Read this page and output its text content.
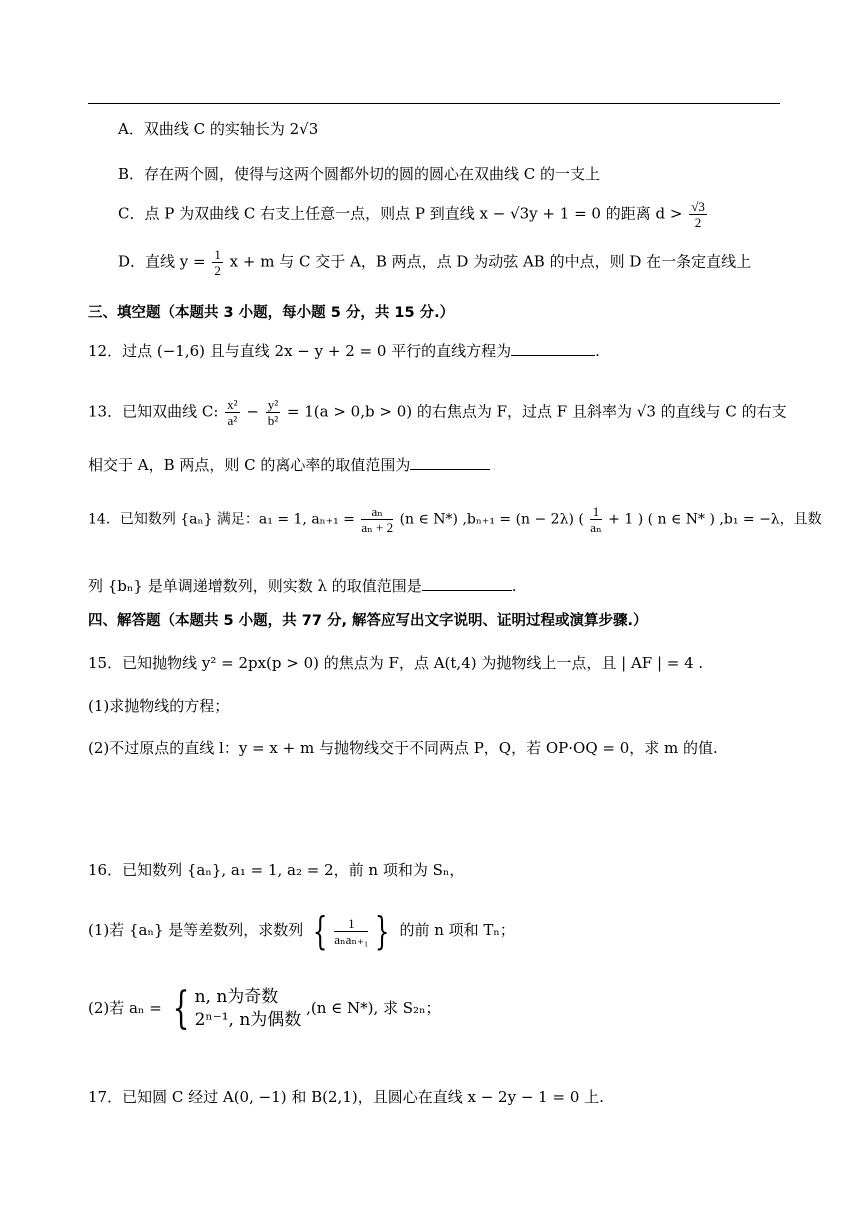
A．双曲线 C 的实轴长为 2√3
B．存在两个圆，使得与这两个圆都外切的圆的圆心在双曲线 C 的一支上
C．点 P 为双曲线 C 右支上任意一点，则点 P 到直线 x − √3y + 1 = 0 的距离 $d > \frac{√3}{2}$
D．直线 $y = \frac{1}{2}$ x + m 与 C 交于 A，B 两点，点 D 为动弦 AB 的中点，则 D 在一条定直线上
三、填空题（本题共 3 小题，每小题 5 分，共 15 分.）
12．过点 (−1,6) 且与直线 2x − y + 2 = 0 平行的直线方程为	.
13．已知双曲线 C: $\frac{\text{x²}}{\text{a²}} - \frac{\text{y²}}{\text{b²}} = 1(a > 0,b > 0)$ 的右焦点为 F，过点 F 且斜率为 √3 的直线与 C 的右支
相交于 A，B 两点，则 C 的离心率的取值范围为
14．已知数列 {aₙ} 满足：a₁ = 1, $a_{n+1} = \frac{\text{aₙ}}{\text{aₙ + 2}} (n$ ∈ N*) ,bₙ₊₁ = (n − 2λ) ( $\frac{1}{\text{aₙ}} + 1$ ) ( n ∈ N* ) ,b₁ = −λ，且数
列 {bₙ} 是单调递增数列，则实数 λ 的取值范围是	.
四、解答题（本题共 5 小题，共 77 分, 解答应写出文字说明、证明过程或演算步骤.）
15．已知抛物线 y² = 2px(p > 0) 的焦点为 F，点 A(t,4) 为抛物线上一点，且 | AF | = 4 .
(1)求抛物线的方程；
(2)不过原点的直线 l：y = x + m 与抛物线交于不同两点 P，Q，若 OP·OQ = 0，求 m 的值.
16．已知数列 {aₙ}, a₁ = 1, a₂ = 2，前 n 项和为 Sₙ，
(1)若 {aₙ} 是等差数列，求数列 { $\frac{1}{\text{aₙaₙ₊₁}}$ } 的前 n 项和 Tₙ；
(2)若 aₙ = { n, n为奇数
2ⁿ⁻¹, n为偶数
,(n ∈ N*), 求 S₂ₙ；
17．已知圆 C 经过 A(0, −1) 和 B(2,1)，且圆心在直线 x − 2y − 1 = 0 上.
